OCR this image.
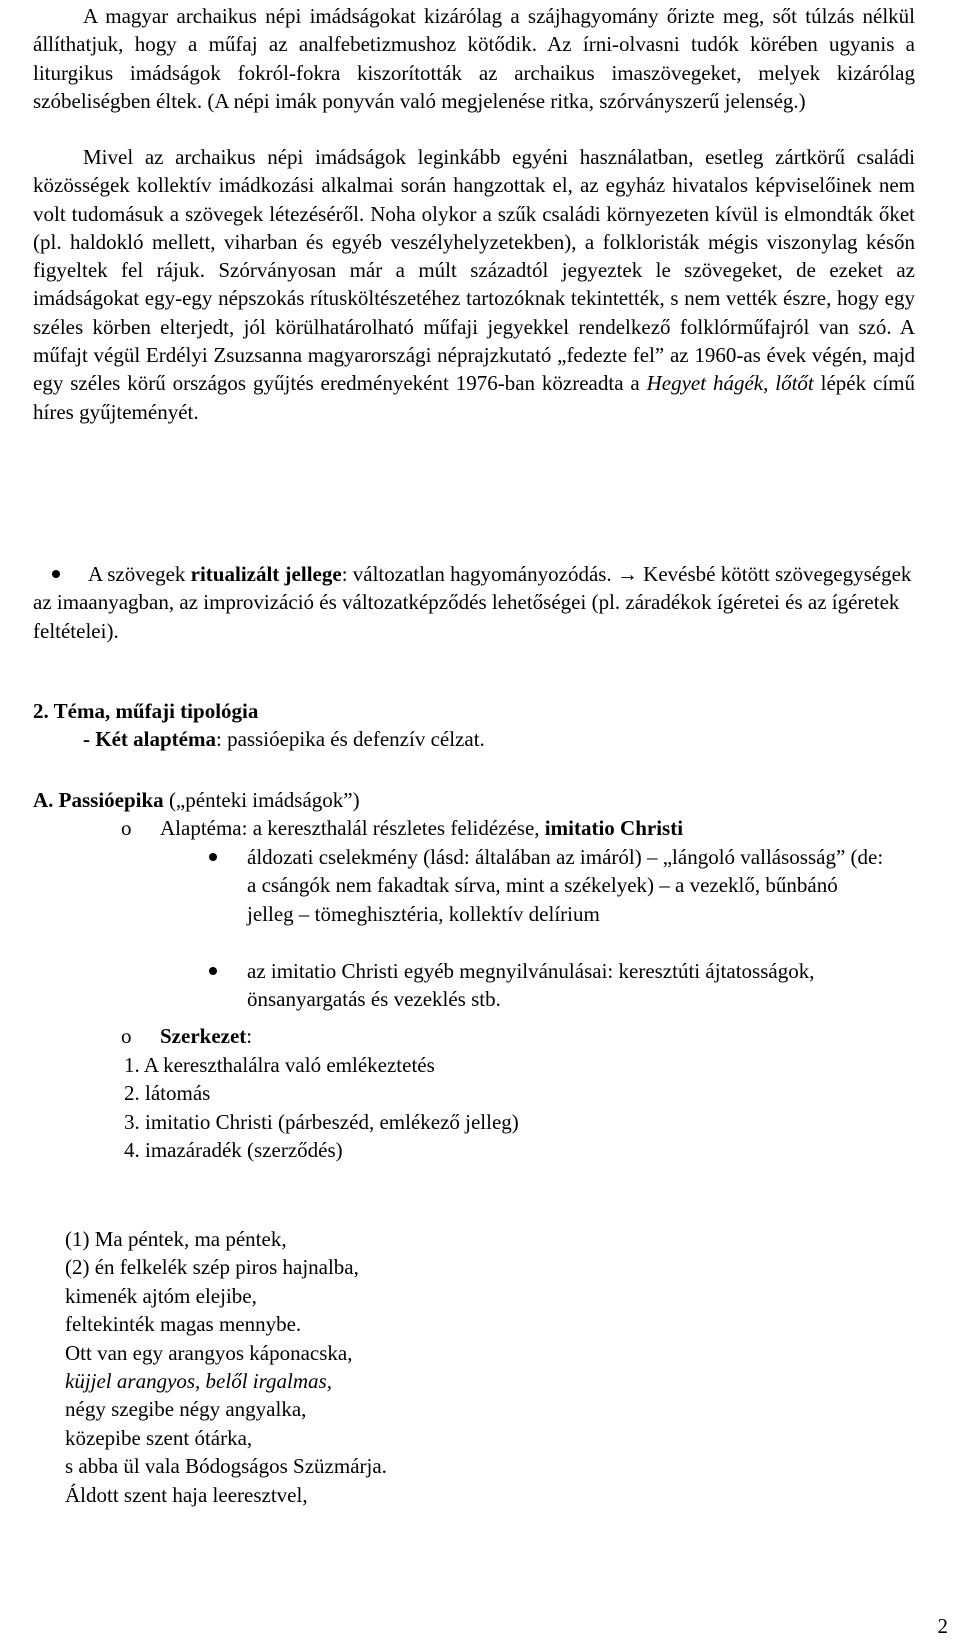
A magyar archaikus népi imádságokat kizárólag a szájhagyomány őrizte meg, sőt túlzás nélkül állíthatjuk, hogy a műfaj az analfebetizmushoz kötődik. Az írni-olvasni tudók körében ugyanis a liturgikus imádságok fokról-fokra kiszorították az archaikus imaszövegeket, melyek kizárólag szóbeliségben éltek. (A népi imák ponyván való megjelenése ritka, szórványszerű jelenség.)

Mivel az archaikus népi imádságok leginkább egyéni használatban, esetleg zártkörű családi közösségek kollektív imádkozási alkalmai során hangzottak el, az egyház hivatalos képviselőinek nem volt tudomásuk a szövegek létezéséről. Noha olykor a szűk családi környezeten kívül is elmondták őket (pl. haldokló mellett, viharban és egyéb veszélyhelyzetekben), a folkloristák mégis viszonylag későn figyeltek fel rájuk. Szórványosan már a múlt századtól jegyeztek le szövegeket, de ezeket az imádságokat egy-egy népszokás rítusköltészetéhez tartozóknak tekintették, s nem vették észre, hogy egy széles körben elterjedt, jól körülhatárolható műfaji jegyekkel rendelkező folklórműfajról van szó. A műfajt végül Erdélyi Zsuzsanna magyarországi néprajzkutató „fedezte fel” az 1960-as évek végén, majd egy széles körű országos gyűjtés eredményeként 1976-ban közreadta a Hegyet hágék, lőtőt lépék című híres gyűjteményét.

A szövegek ritualizált jellege: változatlan hagyományozódás. → Kevésbé kötött szövegegységek az imaanyagban, az improvizáció és változatképződés lehetőségei (pl. záradékok ígéretei és az ígéretek feltételei).

2. Téma, műfaji tipológia

- Két alaptéma: passióepika és defenzív célzat.

A. Passióepika („pénteki imádságok”)

o Alaptéma: a kereszthalál részletes felidézése, imitatio Christi

áldozati cselekmény (lásd: általában az imáról) – „lángoló vallásosság” (de: a csángók nem fakadtak sírva, mint a székelyek) – a vezeklő, bűnbánó jelleg – tömeghisztéria, kollektív delírium

az imitatio Christi egyéb megnyilvánulásai: keresztúti ájtatosságok, önsanyargatás és vezeklés stb.

o Szerkezet:

1. A kereszthalálra való emlékeztetés

2. látomás

3. imitatio Christi (párbeszéd, emlékező jelleg)

4. imazáradék (szerződés)

(1) Ma péntek, ma péntek,

(2) én felkelék szép piros hajnalba,

kimenék ajtóm elejibe,

feltekinték magas mennybe.

Ott van egy arangyos káponacska,

küjjel arangyos, belől irgalmas,

négy szegibe négy angyalka,

közepibe szent ótárka,

s abba ül vala Bódogságos Szüzmárja.

Áldott szent haja leeresztvel,

2
